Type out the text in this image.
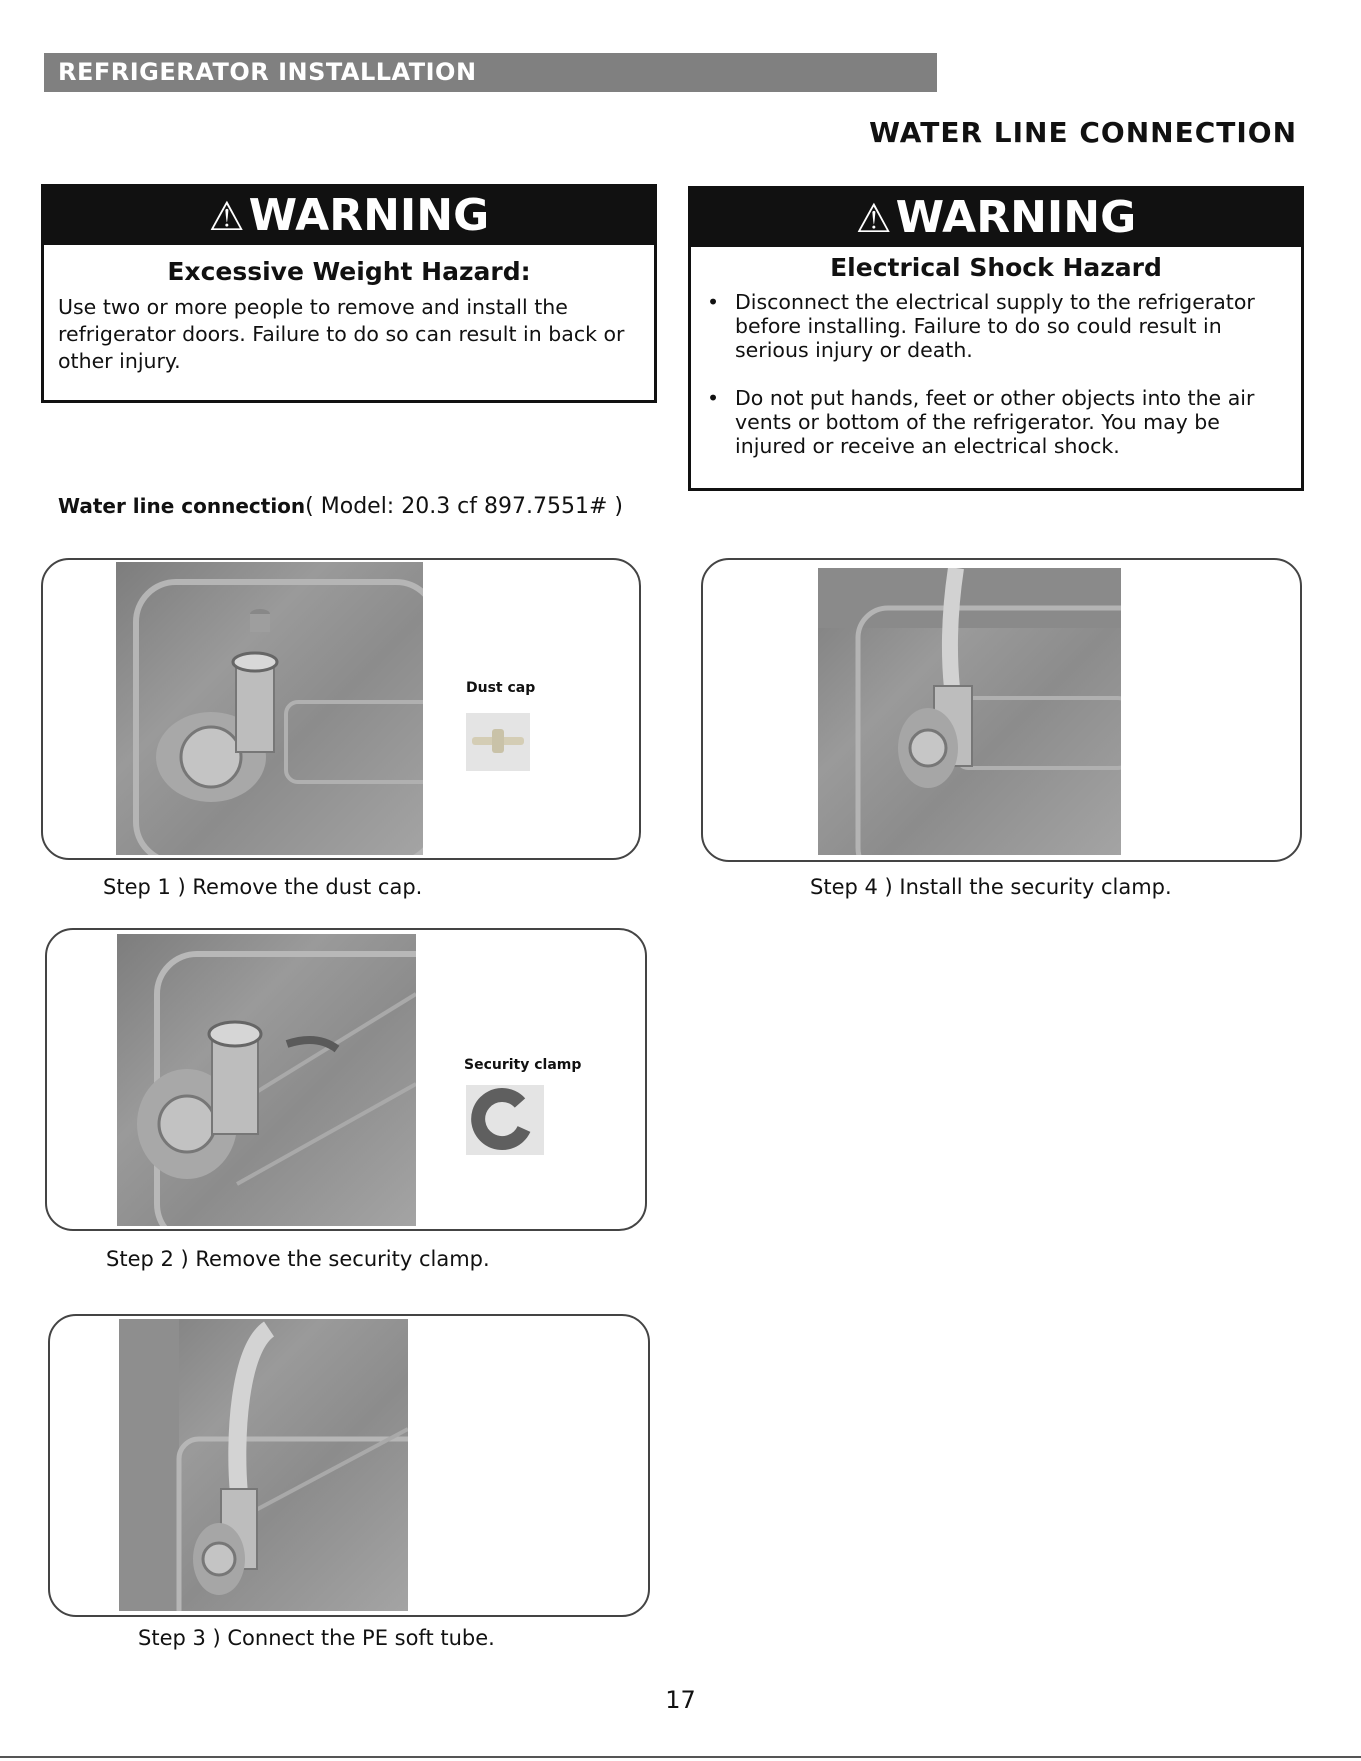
REFRIGERATOR INSTALLATION
WATER LINE CONNECTION
⚠WARNING
Excessive Weight Hazard:
Use two or more people to remove and install the refrigerator doors. Failure to do so can result in back or other injury.
⚠WARNING
Electrical Shock Hazard
• Disconnect the electrical supply to the refrigerator before installing. Failure to do so could result in serious injury or death.
• Do not put hands, feet or other objects into the air vents or bottom of the refrigerator. You may be injured or receive an electrical shock.
Water line connection( Model: 20.3 cf 897.7551# )
Dust cap
Step 1 ) Remove the dust cap.	Step 4 ) Install the security clamp.
Security clamp
Step 2 ) Remove the security clamp.
Step 3 ) Connect the PE soft tube.
17
